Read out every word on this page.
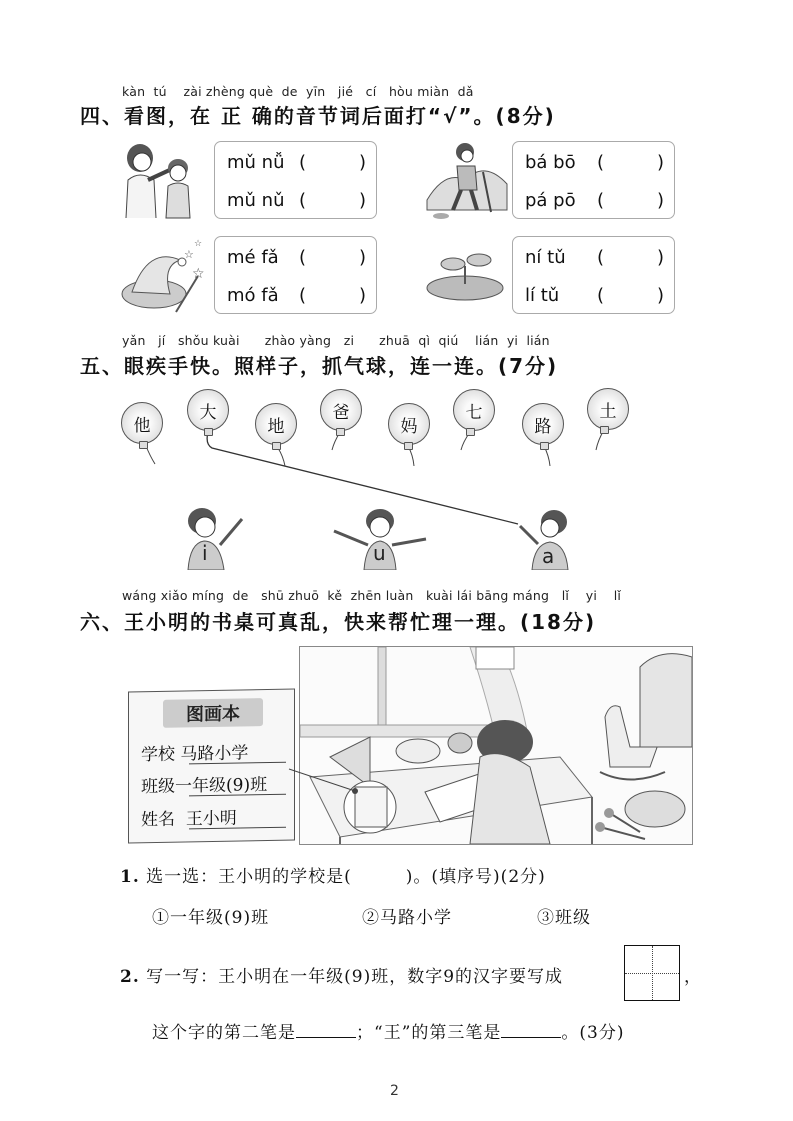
kàn  tú    zài zhèng què  de  yīn   jié   cí   hòu miàn  dǎ
四、看图，在 正 确的音节词后面打“√”。(8分)
mǔ nǚ (	)
mǔ nǔ (	)
bá bō	(	)
pá pō	(	)
☆
☆
☆
mé fǎ	(	)
mó fǎ	(	)
ní tǔ	(	)
lí tǔ	(	)
yǎn   jí   shǒu kuài      zhào yàng   zi      zhuā  qì  qiú    lián  yi  lián
五、眼疾手快。照样子，抓气球，连一连。(7分)
他
大
地
爸
妈
七
路
土
i	u	a
wáng xiǎo míng  de   shū zhuō  kě  zhēn luàn   kuài lái bāng máng   lǐ    yi    lǐ
六、王小明的书桌可真乱，快来帮忙理一理。(18分)
图画本
学校 马路小学
班级一年级(9)班
姓名 王小明
1. 选一选：王小明的学校是(　　　)。(填序号)(2分)
①一年级(9)班	②马路小学	③班级
2. 写一写：王小明在一年级(9)班，数字9的汉字要写成	，
这个字的第二笔是	；“王”的第三笔是	。(3分)
2
